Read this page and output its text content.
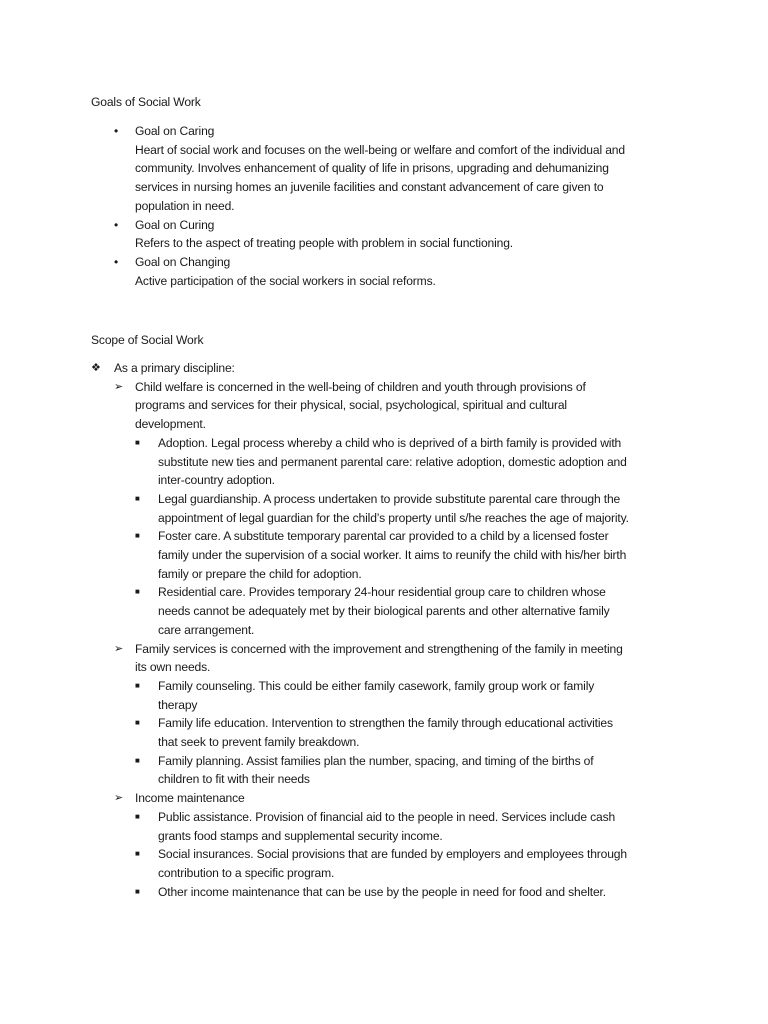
Goals of Social Work
•	Goal on Caring

Heart of social work and focuses on the well-being or welfare and comfort of the individual and

community. Involves enhancement of quality of life in prisons, upgrading and dehumanizing

services in nursing homes an juvenile facilities and constant advancement of care given to

population in need.

•	Goal on Curing

Refers to the aspect of treating people with problem in social functioning.

•	Goal on Changing

Active participation of the social workers in social reforms.

Scope of Social Work
❖ As a primary discipline:
➢ Child welfare is concerned in the well-being of children and youth through provisions of

programs and services for their physical, social, psychological, spiritual and cultural

development.

■ Adoption. Legal process whereby a child who is deprived of a birth family is provided with

substitute new ties and permanent parental care: relative adoption, domestic adoption and

inter-country adoption.

■ Legal guardianship. A process undertaken to provide substitute parental care through the

appointment of legal guardian for the child’s property until s/he reaches the age of majority.

■ Foster care. A substitute temporary parental car provided to a child by a licensed foster

family under the supervision of a social worker. It aims to reunify the child with his/her birth

family or prepare the child for adoption.

■ Residential care. Provides temporary 24-hour residential group care to children whose

needs cannot be adequately met by their biological parents and other alternative family

care arrangement.

➢ Family services is concerned with the improvement and strengthening of the family in meeting

its own needs.

■ Family counseling. This could be either family casework, family group work or family

therapy

■ Family life education. Intervention to strengthen the family through educational activities

that seek to prevent family breakdown.

■ Family planning. Assist families plan the number, spacing, and timing of the births of

children to fit with their needs

➢ Income maintenance

■ Public assistance. Provision of financial aid to the people in need. Services include cash

grants food stamps and supplemental security income.

■ Social insurances. Social provisions that are funded by employers and employees through

contribution to a specific program.

■ Other income maintenance that can be use by the people in need for food and shelter.
